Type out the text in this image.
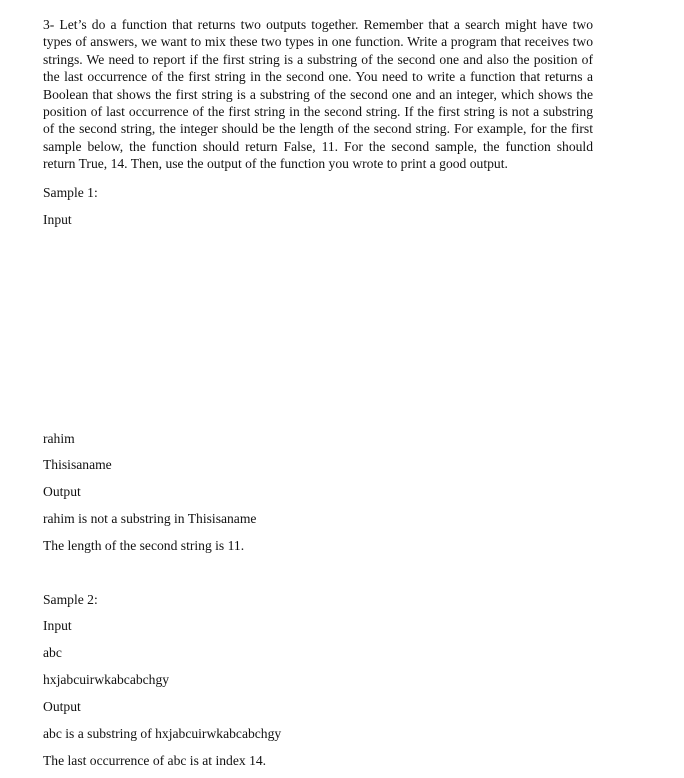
3- Let’s do a function that returns two outputs together. Remember that a search might have two types of answers, we want to mix these two types in one function. Write a program that receives two strings. We need to report if the first string is a substring of the second one and also the position of the last occurrence of the first string in the second one. You need to write a function that returns a Boolean that shows the first string is a substring of the second one and an integer, which shows the position of last occurrence of the first string in the second string. If the first string is not a substring of the second string, the integer should be the length of the second string. For example, for the first sample below, the function should return False, 11. For the second sample, the function should return True, 14. Then, use the output of the function you wrote to print a good output.

Sample 1:

Input

rahim

Thisisaname

Output

rahim is not a substring in Thisisaname

The length of the second string is 11.

Sample 2:

Input

abc

hxjabcuirwkabcabchgy

Output

abc is a substring of hxjabcuirwkabcabchgy

The last occurrence of abc is at index 14.
